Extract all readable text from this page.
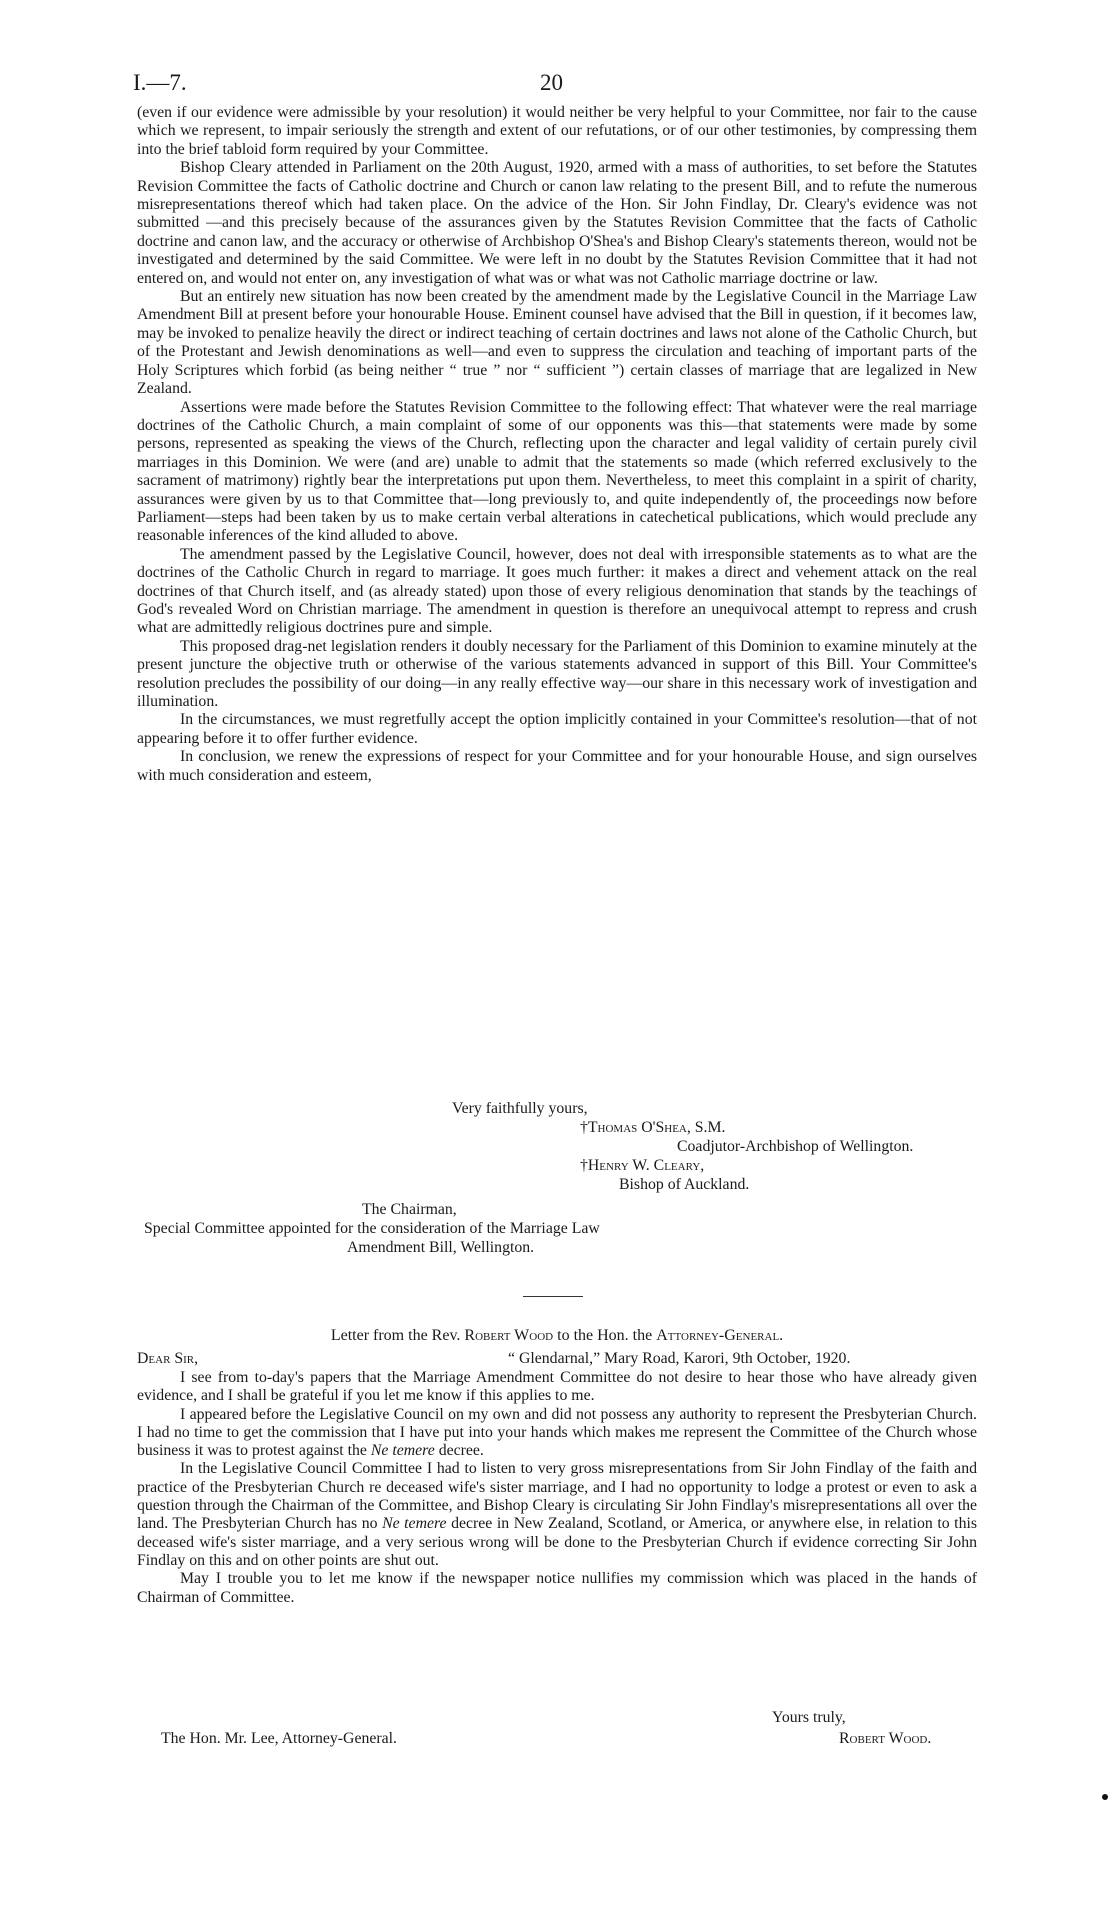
I.—7.	20

(even if our evidence were admissible by your resolution) it would neither be very helpful to your Committee, nor fair to the cause which we represent, to impair seriously the strength and extent of our refutations, or of our other testimonies, by compressing them into the brief tabloid form required by your Committee.

Bishop Cleary attended in Parliament on the 20th August, 1920, armed with a mass of authorities, to set before the Statutes Revision Committee the facts of Catholic doctrine and Church or canon law relating to the present Bill, and to refute the numerous misrepresentations thereof which had taken place. On the advice of the Hon. Sir John Findlay, Dr. Cleary's evidence was not submitted —and this precisely because of the assurances given by the Statutes Revision Committee that the facts of Catholic doctrine and canon law, and the accuracy or otherwise of Archbishop O'Shea's and Bishop Cleary's statements thereon, would not be investigated and determined by the said Committee. We were left in no doubt by the Statutes Revision Committee that it had not entered on, and would not enter on, any investigation of what was or what was not Catholic marriage doctrine or law.

But an entirely new situation has now been created by the amendment made by the Legislative Council in the Marriage Law Amendment Bill at present before your honourable House. Eminent counsel have advised that the Bill in question, if it becomes law, may be invoked to penalize heavily the direct or indirect teaching of certain doctrines and laws not alone of the Catholic Church, but of the Protestant and Jewish denominations as well—and even to suppress the circulation and teaching of important parts of the Holy Scriptures which forbid (as being neither “ true ” nor “ sufficient ”) certain classes of marriage that are legalized in New Zealand.

Assertions were made before the Statutes Revision Committee to the following effect: That whatever were the real marriage doctrines of the Catholic Church, a main complaint of some of our opponents was this—that statements were made by some persons, represented as speaking the views of the Church, reflecting upon the character and legal validity of certain purely civil marriages in this Dominion. We were (and are) unable to admit that the statements so made (which referred exclusively to the sacrament of matrimony) rightly bear the interpretations put upon them. Nevertheless, to meet this complaint in a spirit of charity, assurances were given by us to that Committee that—long previously to, and quite independently of, the proceedings now before Parliament—steps had been taken by us to make certain verbal alterations in catechetical publications, which would preclude any reasonable inferences of the kind alluded to above.

The amendment passed by the Legislative Council, however, does not deal with irresponsible statements as to what are the doctrines of the Catholic Church in regard to marriage. It goes much further: it makes a direct and vehement attack on the real doctrines of that Church itself, and (as already stated) upon those of every religious denomination that stands by the teachings of God's revealed Word on Christian marriage. The amendment in question is therefore an unequivocal attempt to repress and crush what are admittedly religious doctrines pure and simple.

This proposed drag-net legislation renders it doubly necessary for the Parliament of this Dominion to examine minutely at the present juncture the objective truth or otherwise of the various statements advanced in support of this Bill. Your Committee's resolution precludes the possibility of our doing—in any really effective way—our share in this necessary work of investigation and illumination.

In the circumstances, we must regretfully accept the option implicitly contained in your Committee's resolution—that of not appearing before it to offer further evidence.

In conclusion, we renew the expressions of respect for your Committee and for your honourable House, and sign ourselves with much consideration and esteem,

Very faithfully yours,
†Thomas O'Shea, S.M.
Coadjutor-Archbishop of Wellington.
†Henry W. Cleary,
Bishop of Auckland.
The Chairman,
Special Committee appointed for the consideration of the Marriage Law
Amendment Bill, Wellington.
Letter from the Rev. Robert Wood to the Hon. the Attorney-General.
Dear Sir,	“ Glendarnal,” Mary Road, Karori, 9th October, 1920.

I see from to-day's papers that the Marriage Amendment Committee do not desire to hear those who have already given evidence, and I shall be grateful if you let me know if this applies to me.

I appeared before the Legislative Council on my own and did not possess any authority to represent the Presbyterian Church. I had no time to get the commission that I have put into your hands which makes me represent the Committee of the Church whose business it was to protest against the Ne temere decree.

In the Legislative Council Committee I had to listen to very gross misrepresentations from Sir John Findlay of the faith and practice of the Presbyterian Church re deceased wife's sister marriage, and I had no opportunity to lodge a protest or even to ask a question through the Chairman of the Committee, and Bishop Cleary is circulating Sir John Findlay's misrepresentations all over the land. The Presbyterian Church has no Ne temere decree in New Zealand, Scotland, or America, or anywhere else, in relation to this deceased wife's sister marriage, and a very serious wrong will be done to the Presbyterian Church if evidence correcting Sir John Findlay on this and on other points are shut out.

May I trouble you to let me know if the newspaper notice nullifies my commission which was placed in the hands of Chairman of Committee.

Yours truly,
The Hon. Mr. Lee, Attorney-General.	Robert Wood.
